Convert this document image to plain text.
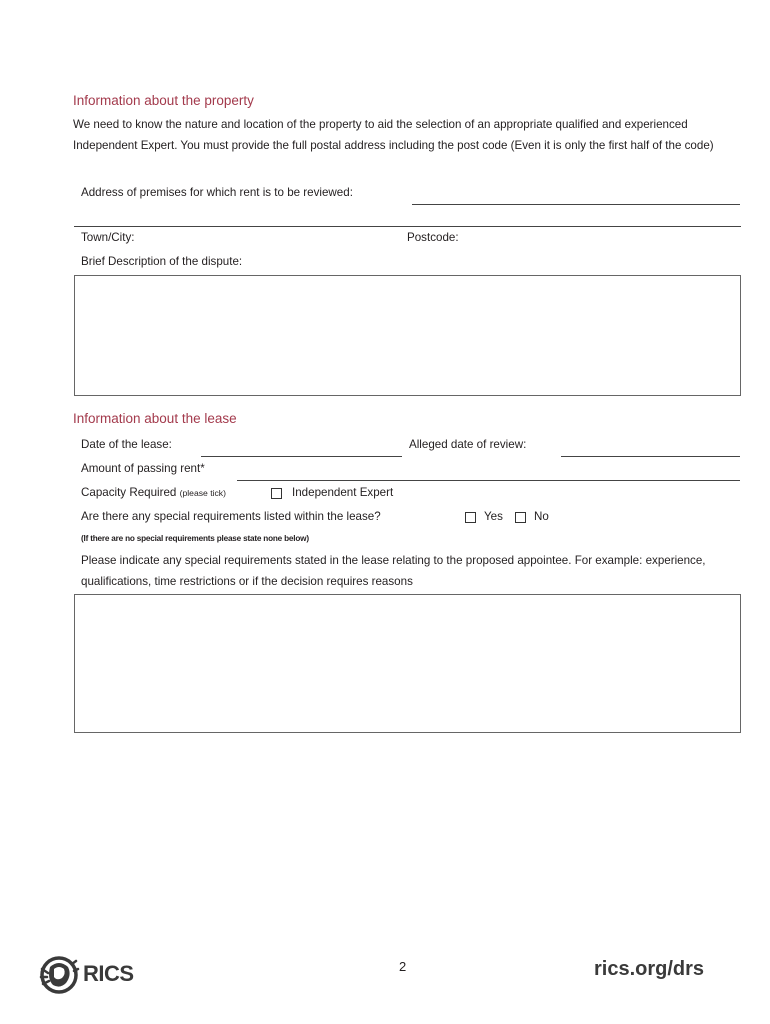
Information about the property
We need to know the nature and location of the property to aid the selection of an appropriate qualified and experienced Independent Expert. You must provide the full postal address including the post code (Even it is only the first half of the code)
Address of premises for which rent is to be reviewed:
Town/City:	Postcode:
Brief Description of the dispute:
Information about the lease
Date of the lease:	Alleged date of review:
Amount of passing rent*
Capacity Required (please tick)	Independent Expert
Are there any special requirements listed within the lease?	Yes	No
(If there are no special requirements please state none below)
Please indicate any special requirements stated in the lease relating to the proposed appointee. For example: experience, qualifications, time restrictions or if the decision requires reasons
RICS	2	rics.org/drs
